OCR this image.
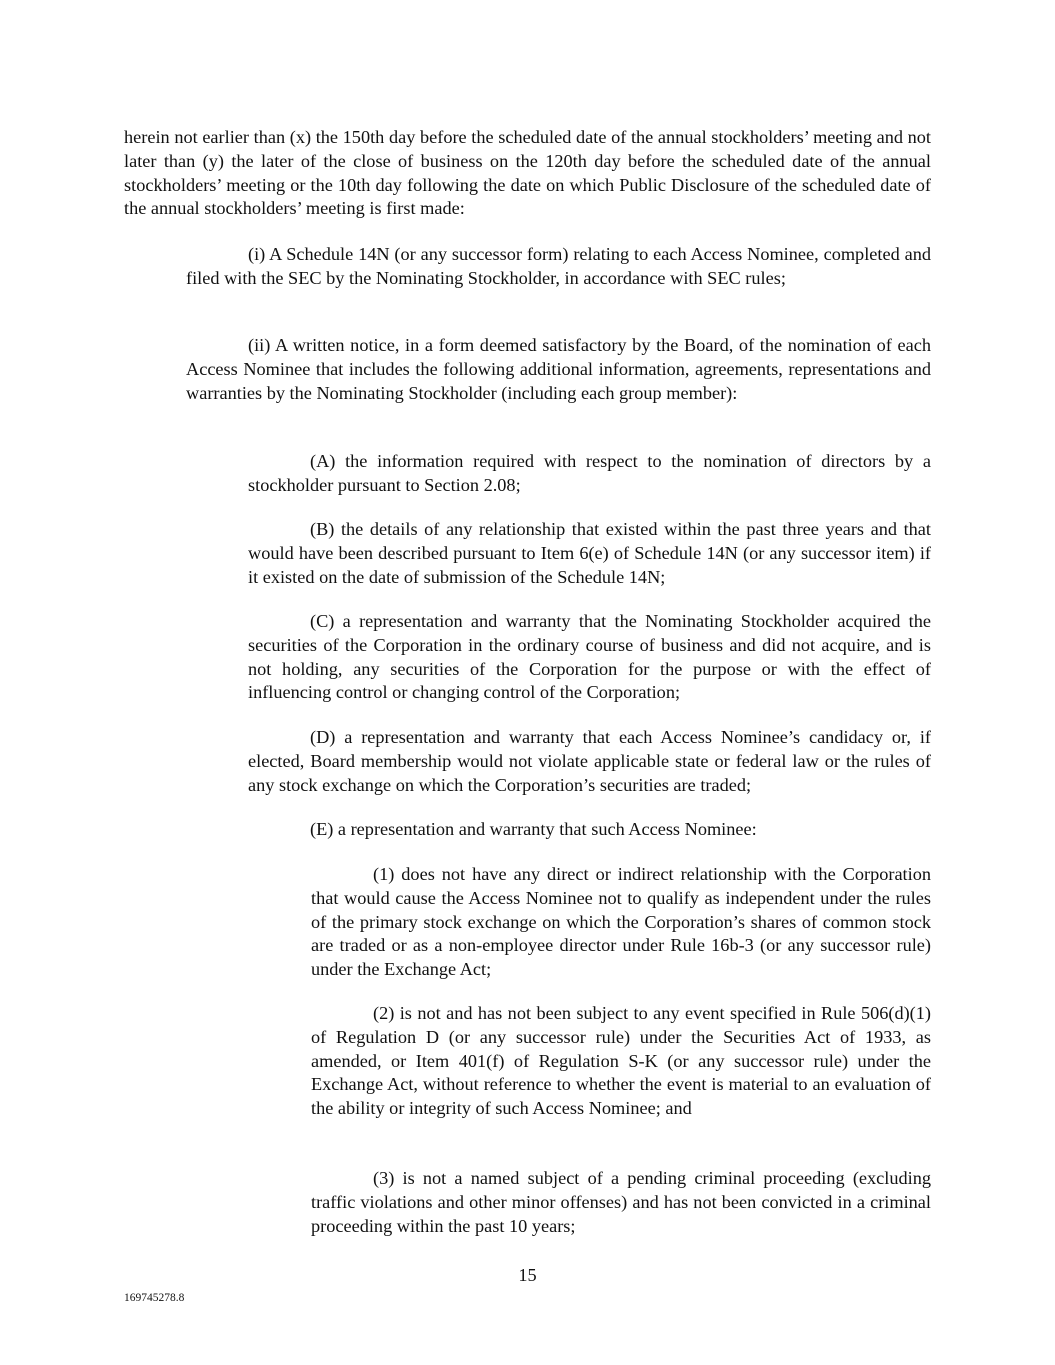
herein not earlier than (x) the 150th day before the scheduled date of the annual stockholders’ meeting and not later than (y) the later of the close of business on the 120th day before the scheduled date of the annual stockholders’ meeting or the 10th day following the date on which Public Disclosure of the scheduled date of the annual stockholders’ meeting is first made:

(i) A Schedule 14N (or any successor form) relating to each Access Nominee, completed and filed with the SEC by the Nominating Stockholder, in accordance with SEC rules;

(ii) A written notice, in a form deemed satisfactory by the Board, of the nomination of each Access Nominee that includes the following additional information, agreements, representations and warranties by the Nominating Stockholder (including each group member):

(A) the information required with respect to the nomination of directors by a stockholder pursuant to Section 2.08;

(B) the details of any relationship that existed within the past three years and that would have been described pursuant to Item 6(e) of Schedule 14N (or any successor item) if it existed on the date of submission of the Schedule 14N;

(C) a representation and warranty that the Nominating Stockholder acquired the securities of the Corporation in the ordinary course of business and did not acquire, and is not holding, any securities of the Corporation for the purpose or with the effect of influencing control or changing control of the Corporation;

(D) a representation and warranty that each Access Nominee’s candidacy or, if elected, Board membership would not violate applicable state or federal law or the rules of any stock exchange on which the Corporation’s securities are traded;

(E) a representation and warranty that such Access Nominee:

(1) does not have any direct or indirect relationship with the Corporation that would cause the Access Nominee not to qualify as independent under the rules of the primary stock exchange on which the Corporation’s shares of common stock are traded or as a non-employee director under Rule 16b-3 (or any successor rule) under the Exchange Act;

(2) is not and has not been subject to any event specified in Rule 506(d)(1) of Regulation D (or any successor rule) under the Securities Act of 1933, as amended, or Item 401(f) of Regulation S-K (or any successor rule) under the Exchange Act, without reference to whether the event is material to an evaluation of the ability or integrity of such Access Nominee; and

(3) is not a named subject of a pending criminal proceeding (excluding traffic violations and other minor offenses) and has not been convicted in a criminal proceeding within the past 10 years;

15

169745278.8
